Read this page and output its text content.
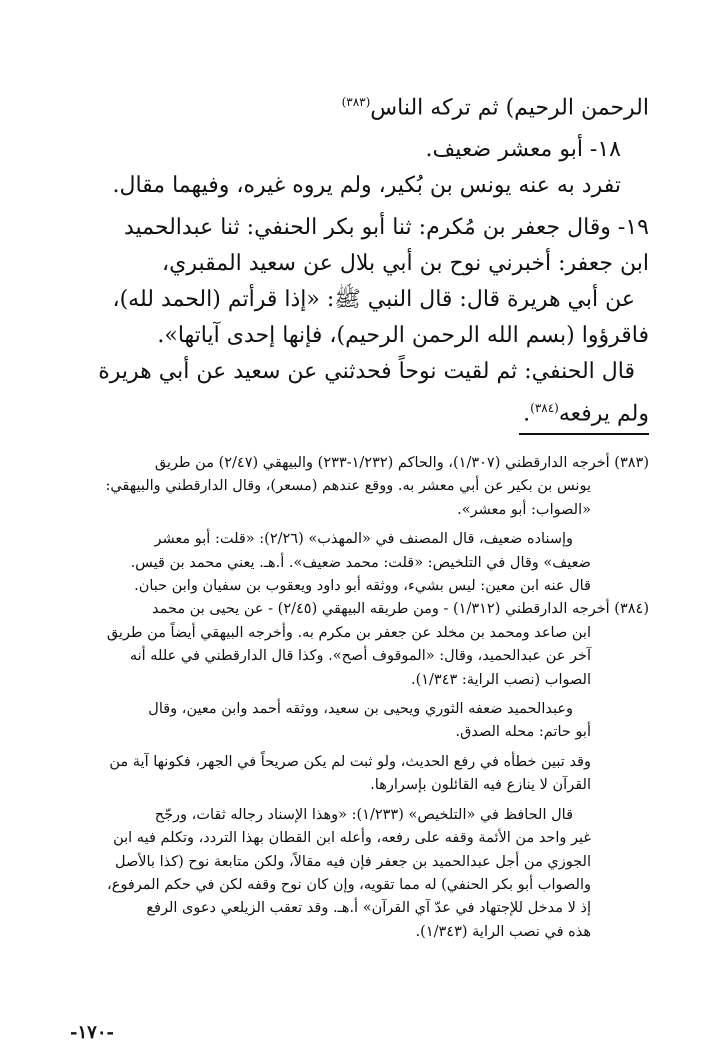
الرحمن الرحيم) ثم تركه الناس$^{(٣٨٣)}$

١٨- أبو معشر ضعيف.

تفرد به عنه يونس بن بُكير، ولم يروه غيره، وفيهما مقال.

١٩- وقال جعفر بن مُكرم: ثنا أبو بكر الحنفي: ثنا عبدالحميد

ابن جعفر: أخبرني نوح بن أبي بلال عن سعيد المقبري،

عن أبي هريرة قال: قال النبي ﷺ: «إذا قرأتم (الحمد لله)،

فاقرؤوا (بسم الله الرحمن الرحيم)، فإنها إحدى آياتها».

قال الحنفي: ثم لقيت نوحاً فحدثني عن سعيد عن أبي هريرة

ولم يرفعه$^{(٣٨٤)}$.

(٣٨٣) أخرجه الدارقطني (١/٣٠٧)، والحاكم (١/٢٣٢-٢٣٣) والبيهقي (٢/٤٧) من طريق

يونس بن بكير عن أبي معشر به. ووقع عندهم (مسعر)، وقال الدارقطني والبيهقي:

«الصواب: أبو معشر».

وإسناده ضعيف، قال المصنف في «المهذب» (٢/٢٦): «قلت: أبو معشر

ضعيف» وقال في التلخيص: «قلت: محمد ضعيف». أ.هـ. يعني محمد بن قيس.

قال عنه ابن معين: ليس بشيء، ووثقه أبو داود ويعقوب بن سفيان وابن حبان.

(٣٨٤) أخرجه الدارقطني (١/٣١٢) - ومن طريقه البيهقي (٢/٤٥) - عن يحيى بن محمد

ابن صاعد ومحمد بن مخلد عن جعفر بن مكرم به. وأخرجه البيهقي أيضاً من طريق

آخر عن عبدالحميد، وقال: «الموقوف أصح». وكذا قال الدارقطني في علله أنه

الصواب (نصب الراية: ١/٣٤٣).

وعبدالحميد ضعفه الثوري ويحيى بن سعيد، ووثقه أحمد وابن معين، وقال

أبو حاتم: محله الصدق.

وقد تبين خطأه في رفع الحديث، ولو ثبت لم يكن صريحاً في الجهر، فكونها آية من

القرآن لا ينازع فيه القائلون بإسرارها.

قال الحافظ في «التلخيص» (١/٢٣٣): «وهذا الإسناد رجاله ثقات، ورجّح

غير واحد من الأئمة وقفه على رفعه، وأعله ابن القطان بهذا التردد، وتكلم فيه ابن

الجوزي من أجل عبدالحميد بن جعفر فإن فيه مقالاً، ولكن متابعة نوح (كذا بالأصل

والصواب أبو بكر الحنفي) له مما تقويه، وإن كان نوح وقفه لكن في حكم المرفوع،

إذ لا مدخل للإجتهاد في عدّ آي القرآن» أ.هـ. وقد تعقب الزيلعي دعوى الرفع

هذه في نصب الراية (١/٣٤٣).

-١٧٠-
